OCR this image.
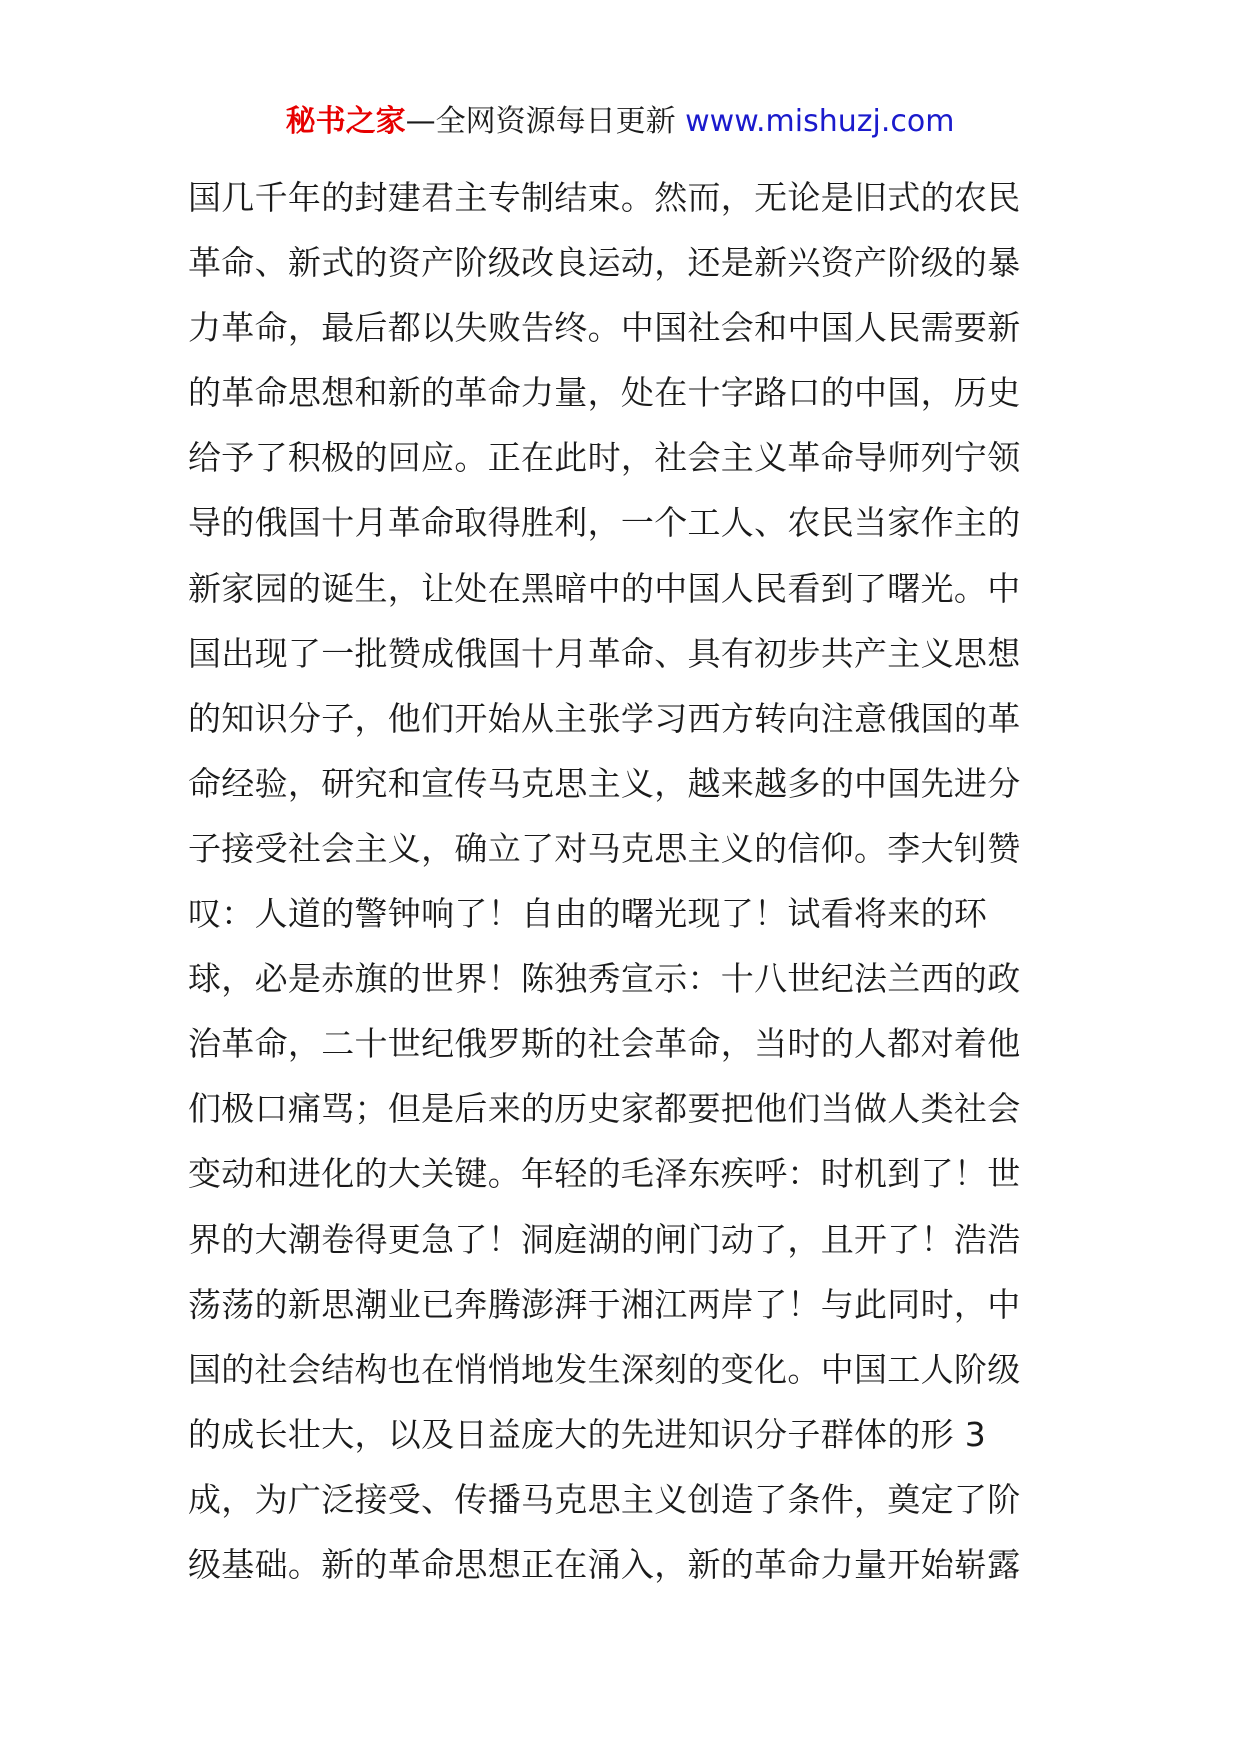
秘书之家—全网资源每日更新 www.mishuzj.com
国几千年的封建君主专制结束。然而，无论是旧式的农民
革命、新式的资产阶级改良运动，还是新兴资产阶级的暴
力革命，最后都以失败告终。中国社会和中国人民需要新
的革命思想和新的革命力量，处在十字路口的中国，历史
给予了积极的回应。正在此时，社会主义革命导师列宁领
导的俄国十月革命取得胜利，一个工人、农民当家作主的
新家园的诞生，让处在黑暗中的中国人民看到了曙光。中
国出现了一批赞成俄国十月革命、具有初步共产主义思想
的知识分子，他们开始从主张学习西方转向注意俄国的革
命经验，研究和宣传马克思主义，越来越多的中国先进分
子接受社会主义，确立了对马克思主义的信仰。李大钊赞
叹：人道的警钟响了！自由的曙光现了！试看将来的环
球，必是赤旗的世界！陈独秀宣示：十八世纪法兰西的政
治革命，二十世纪俄罗斯的社会革命，当时的人都对着他
们极口痛骂；但是后来的历史家都要把他们当做人类社会
变动和进化的大关键。年轻的毛泽东疾呼：时机到了！世
界的大潮卷得更急了！洞庭湖的闸门动了，且开了！浩浩
荡荡的新思潮业已奔腾澎湃于湘江两岸了！与此同时，中
国的社会结构也在悄悄地发生深刻的变化。中国工人阶级
的成长壮大，以及日益庞大的先进知识分子群体的形 3
成，为广泛接受、传播马克思主义创造了条件，奠定了阶
级基础。新的革命思想正在涌入，新的革命力量开始崭露
